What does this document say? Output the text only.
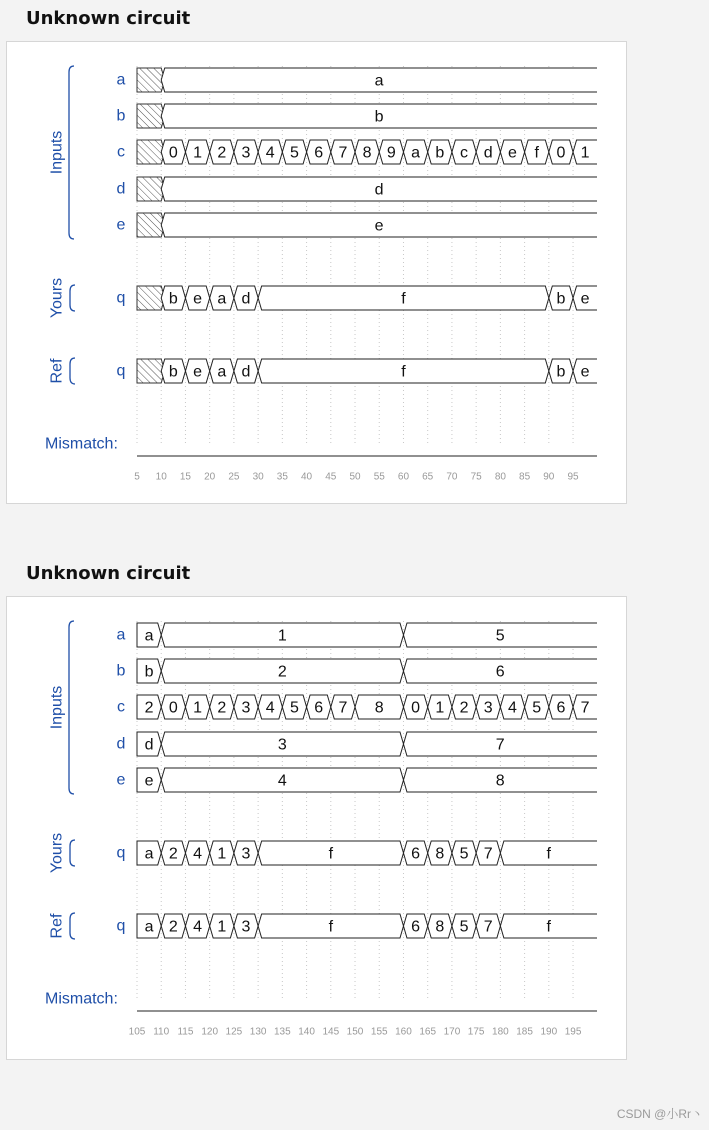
Unknown circuit
Inputs
Yours
Ref
a	a
b	b
c	0 1 2 3 4 5 6 7 8 9 a b c d e f 0 1
d	d
e	e
q	b e a d	f	b e
q	b e a d	f	b e
Mismatch:
5 10 15 20 25 30 35 40 45 50 55 60 65 70 75 80 85 90 95
Unknown circuit
Inputs
Yours
Ref
a a	1	5
b b	2	6
c 2 0 1 2 3 4 5 6 7 8 0 1 2 3 4 5 6 7
d d	3	7
e e	4	8
q a 2 4 1 3	f	6 8 5 7	f
q a 2 4 1 3	f	6 8 5 7	f
Mismatch:
105 110 115 120 125 130 135 140 145 150 155 160 165 170 175 180 185 190 195
CSDN @小Rr丶
